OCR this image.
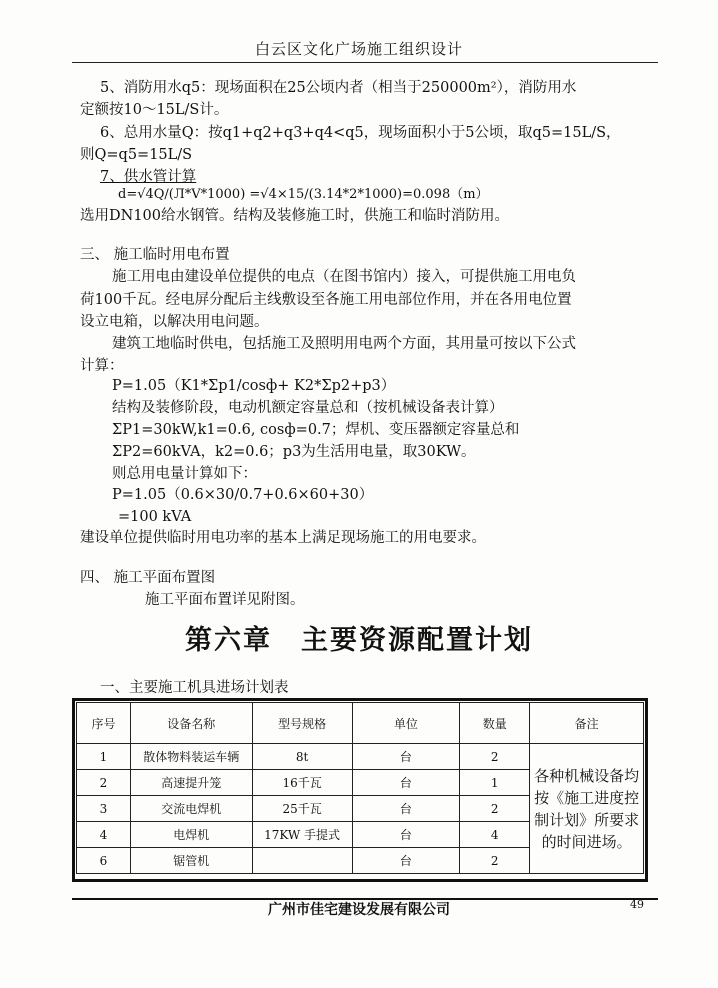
白云区文化广场施工组织设计
5、消防用水q5：现场面积在25公顷内者（相当于250000m²），消防用水
定额按10～15L/S计。
6、总用水量Q：按q1+q2+q3+q4<q5，现场面积小于5公顷，取q5=15L/S，
则Q=q5=15L/S
7、供水管计算
d=√4Q/(Л*V*1000) =√4×15/(3.14*2*1000)=0.098（m）
选用DN100给水钢管。结构及装修施工时，供施工和临时消防用。
三、 施工临时用电布置
施工用电由建设单位提供的电点（在图书馆内）接入，可提供施工用电负
荷100千瓦。经电屏分配后主线敷设至各施工用电部位作用，并在各用电位置
设立电箱，以解决用电问题。
建筑工地临时供电，包括施工及照明用电两个方面，其用量可按以下公式
计算：
P=1.05（K1*Σp1/cosф+ K2*Σp2+p3）
结构及装修阶段，电动机额定容量总和（按机械设备表计算）
ΣP1=30kW,k1=0.6, cosф=0.7；焊机、变压器额定容量总和
ΣP2=60kVA，k2=0.6；p3为生活用电量，取30KW。
则总用电量计算如下：
P=1.05（0.6×30/0.7+0.6×60+30）
=100 kVA
建设单位提供临时用电功率的基本上满足现场施工的用电要求。
四、 施工平面布置图
施工平面布置详见附图。
第六章　主要资源配置计划
一、主要施工机具进场计划表
序号	设备名称	型号规格	单位	数量	备注
1	散体物料装运车辆	8t	台	2	各种机械设备均按《施工进度控制计划》所要求的时间进场。
2	高速提升笼	16千瓦	台	1	
3	交流电焊机	25千瓦	台	2	
4	电焊机	17KW 手提式	台	4	
6	锯管机		台	2	
广州市佳宅建设发展有限公司	49
